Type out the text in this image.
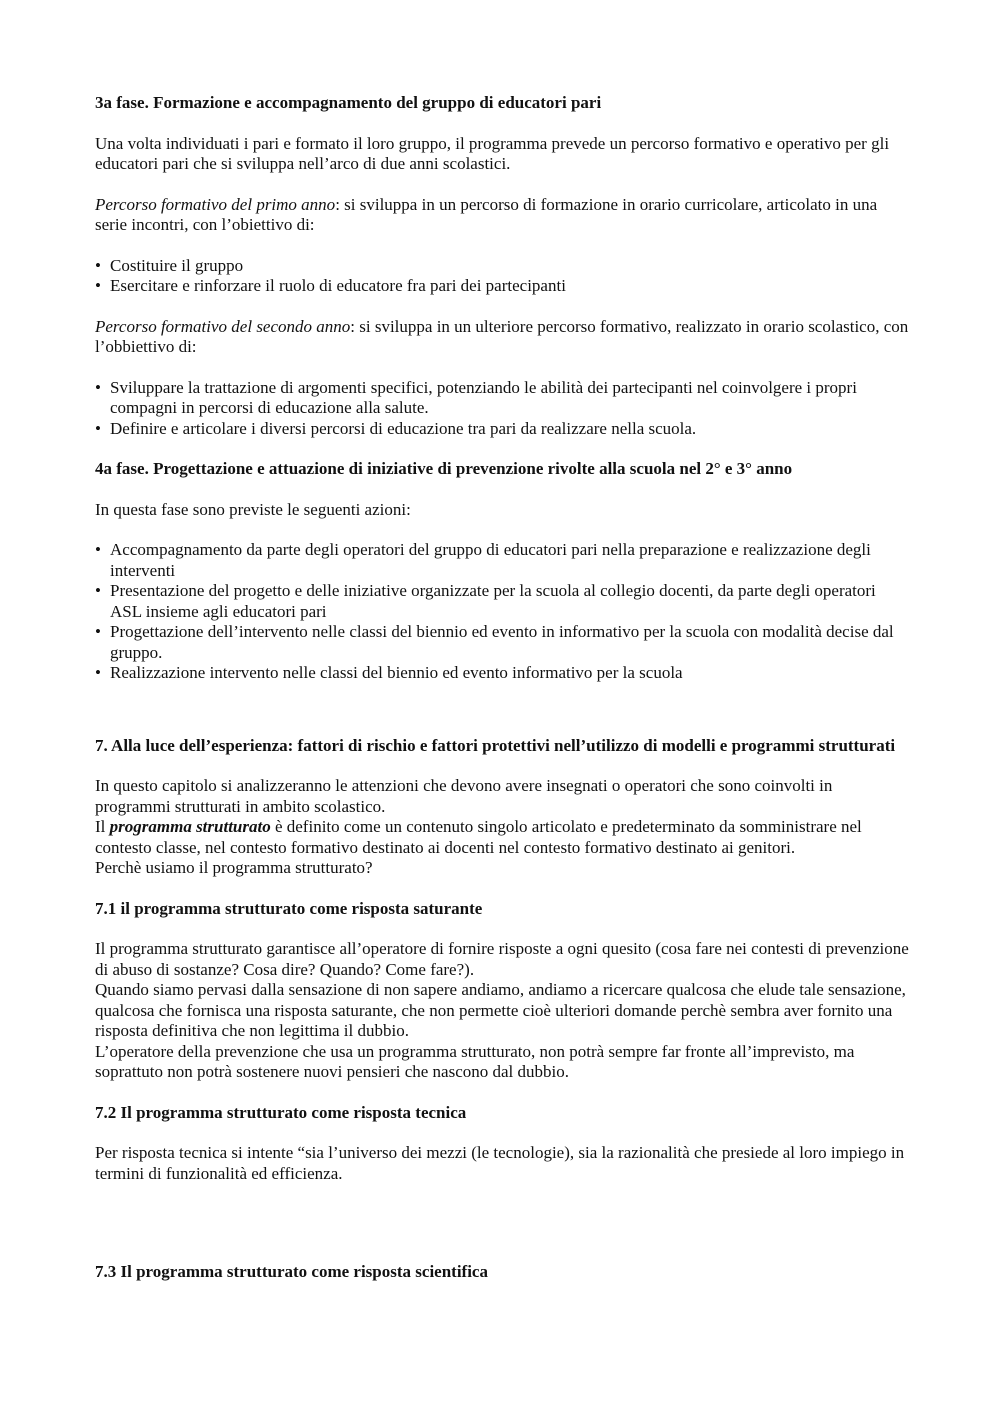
3a fase. Formazione e accompagnamento del gruppo di educatori pari

Una volta individuati i pari e formato il loro gruppo, il programma prevede un percorso formativo e operativo per gli educatori pari che si sviluppa nell’arco di due anni scolastici.

Percorso formativo del primo anno: si sviluppa in un percorso di formazione in orario curricolare, articolato in una serie incontri, con l’obiettivo di:

• Costituire il gruppo
• Esercitare e rinforzare il ruolo di educatore fra pari dei partecipanti

Percorso formativo del secondo anno: si sviluppa in un ulteriore percorso formativo, realizzato in orario scolastico, con l’obbiettivo di:

• Sviluppare la trattazione di argomenti specifici, potenziando le abilità dei partecipanti nel coinvolgere i propri compagni in percorsi di educazione alla salute.
• Definire e articolare i diversi percorsi di educazione tra pari da realizzare nella scuola.
4a fase. Progettazione e attuazione di iniziative di prevenzione rivolte alla scuola nel 2° e 3° anno

In questa fase sono previste le seguenti azioni:

• Accompagnamento da parte degli operatori del gruppo di educatori pari nella preparazione e realizzazione degli interventi
• Presentazione del progetto e delle iniziative organizzate per la scuola al collegio docenti, da parte degli operatori ASL insieme agli educatori pari
• Progettazione dell’intervento nelle classi del biennio ed evento in informativo per la scuola con modalità decise dal gruppo.
• Realizzazione intervento nelle classi del biennio ed evento informativo per la scuola
7. Alla luce dell’esperienza: fattori di rischio e fattori protettivi nell’utilizzo di modelli e programmi strutturati

In questo capitolo si analizzeranno le attenzioni che devono avere insegnati o operatori che sono coinvolti in programmi strutturati in ambito scolastico.

Il programma strutturato è definito come un contenuto singolo articolato e predeterminato da somministrare nel contesto classe, nel contesto formativo destinato ai docenti nel contesto formativo destinato ai genitori.

Perchè usiamo il programma strutturato?

7.1 il programma strutturato come risposta saturante

Il programma strutturato garantisce all’operatore di fornire risposte a ogni quesito (cosa fare nei contesti di prevenzione di abuso di sostanze? Cosa dire? Quando? Come fare?).

Quando siamo pervasi dalla sensazione di non sapere andiamo, andiamo a ricercare qualcosa che elude tale sensazione, qualcosa che fornisca una risposta saturante, che non permette cioè ulteriori domande perchè sembra aver fornito una risposta definitiva che non legittima il dubbio.

L’operatore della prevenzione che usa un programma strutturato, non potrà sempre far fronte all’imprevisto, ma soprattuto non potrà sostenere nuovi pensieri che nascono dal dubbio.

7.2 Il programma strutturato come risposta tecnica

Per risposta tecnica si intente “sia l’universo dei mezzi (le tecnologie), sia la razionalità che presiede al loro impiego in termini di funzionalità ed efficienza.

7.3 Il programma strutturato come risposta scientifica
